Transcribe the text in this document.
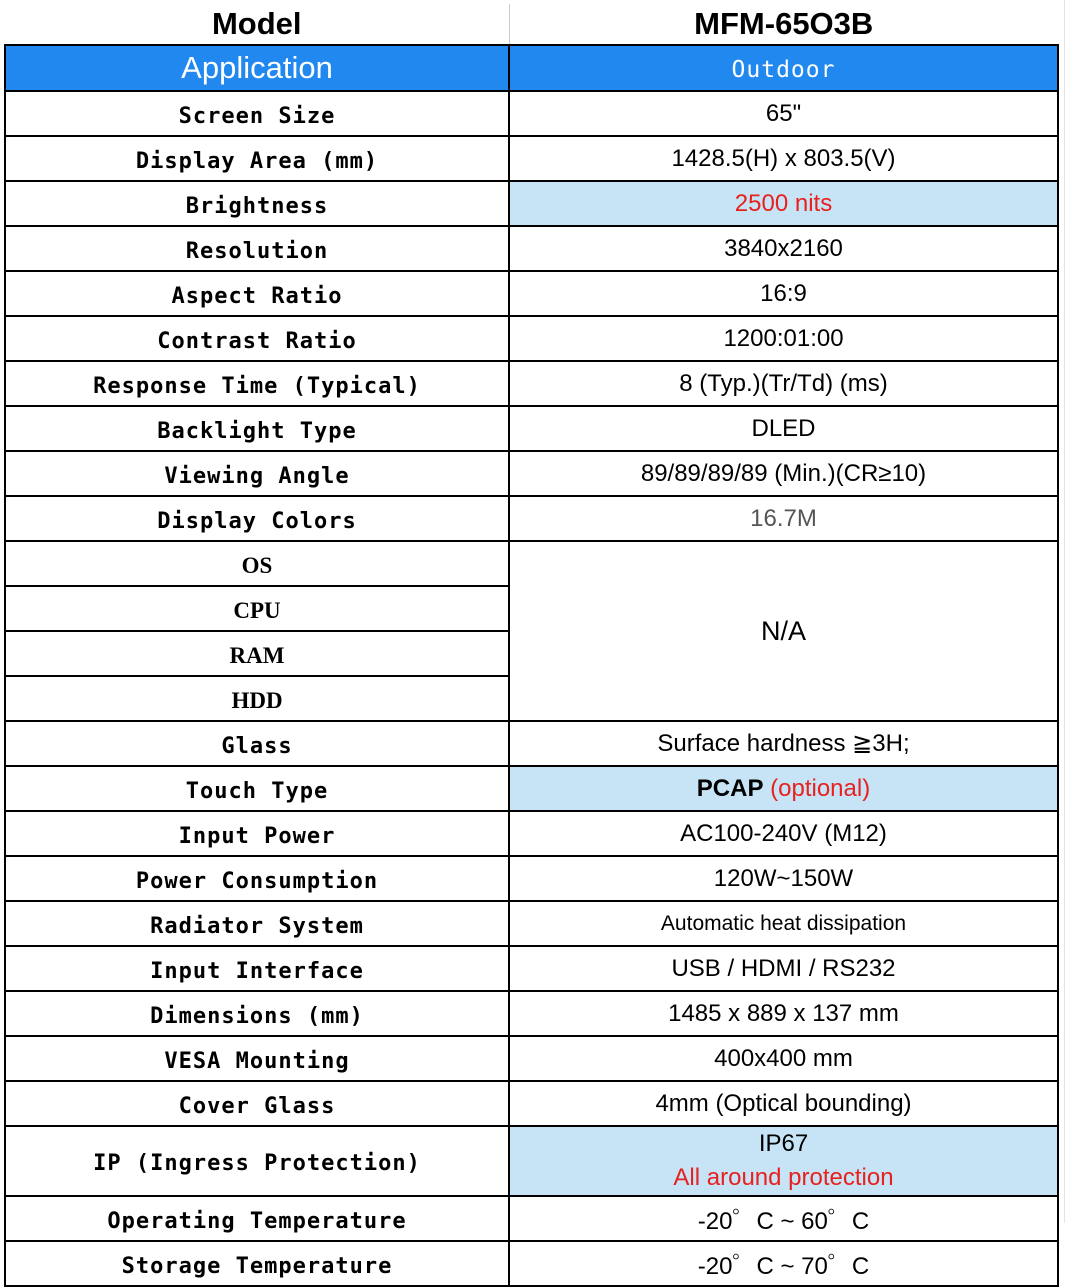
Model	MFM-65O3B
Application	Outdoor
Screen Size	65"
Display Area (mm)	1428.5(H) x 803.5(V)
Brightness	2500 nits
Resolution	3840x2160
Aspect Ratio	16:9
Contrast Ratio	1200:01:00
Response Time (Typical)	8 (Typ.)(Tr/Td) (ms)
Backlight Type	DLED
Viewing Angle	89/89/89/89 (Min.)(CR≥10)
Display Colors	16.7M
OS	N/A
CPU	
RAM	
HDD	
Glass	Surface hardness ≧3H;
Touch Type	PCAP (optional)
Input Power	AC100-240V (M12)
Power Consumption	120W~150W
Radiator System	Automatic heat dissipation
Input Interface	USB / HDMI / RS232
Dimensions (mm)	1485 x 889 x 137 mm
VESA Mounting	400x400 mm
Cover Glass	4mm (Optical bounding)
IP (Ingress Protection)	IP67
All around protection

Operating Temperature	-20゜C ~ 60゜C
Storage Temperature	-20゜C ~ 70゜C
